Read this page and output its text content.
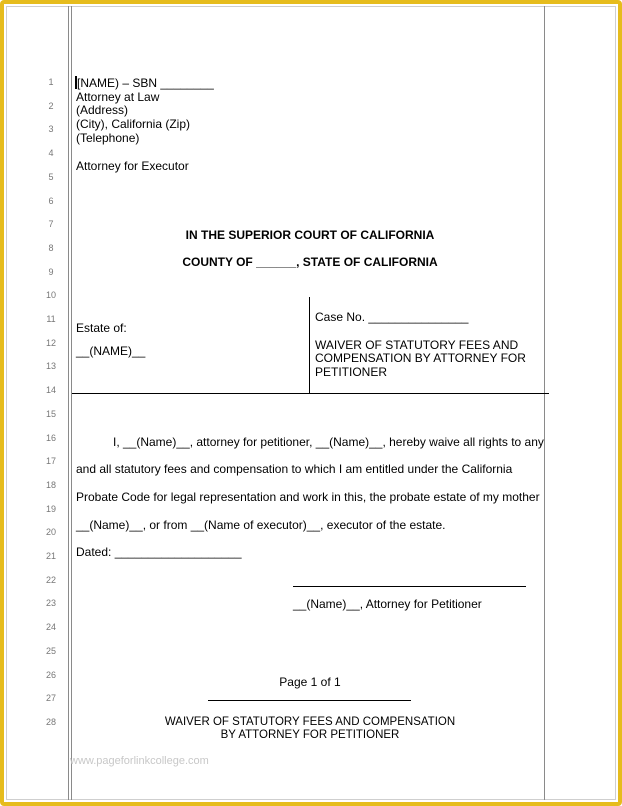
1
2
3
4
5
6
7
8
9
10
11
12
13
14
15
16
17
18
19
20
21
22
23
24
25
26
27
28
[NAME) – SBN ________
Attorney at Law
(Address)
(City), California (Zip)
(Telephone)
Attorney for Executor
IN THE SUPERIOR COURT OF CALIFORNIA
COUNTY OF ______, STATE OF CALIFORNIA
Estate of:
__(NAME)__
Case No. _______________
WAIVER OF STATUTORY FEES AND
COMPENSATION BY ATTORNEY FOR
PETITIONER
I, __(Name)__, attorney for petitioner, __(Name)__, hereby waive all rights to any
and all statutory fees and compensation to which I am entitled under the California
Probate Code for legal representation and work in this, the probate estate of my mother
__(Name)__, or from __(Name of executor)__, executor of the estate.
Dated: ___________________
__(Name)__, Attorney for Petitioner
Page 1 of 1
WAIVER OF STATUTORY FEES AND COMPENSATION
BY ATTORNEY FOR PETITIONER
www.pageforlinkcollege.com
